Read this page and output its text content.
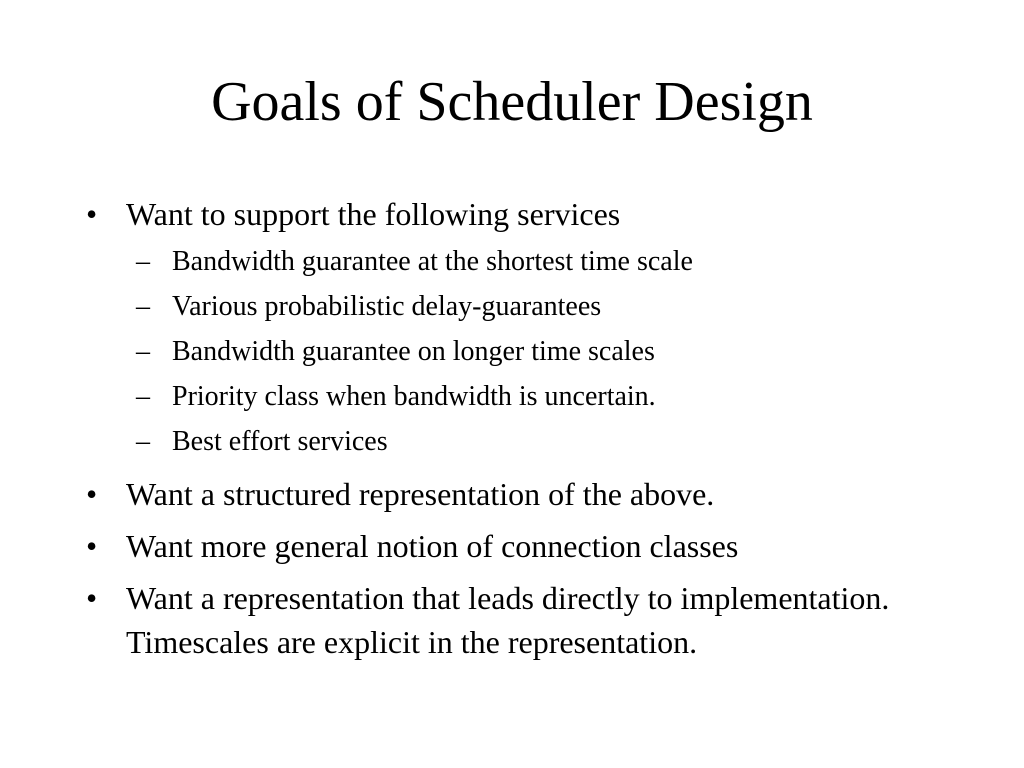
Goals of Scheduler Design
• Want to support the following services
– Bandwidth guarantee at the shortest time scale
– Various probabilistic delay-guarantees
– Bandwidth guarantee on longer time scales
– Priority class when bandwidth is uncertain.
– Best effort services
• Want a structured representation of the above.
• Want more general notion of connection classes
• Want a representation that leads directly to implementation. Timescales are explicit in the representation.
